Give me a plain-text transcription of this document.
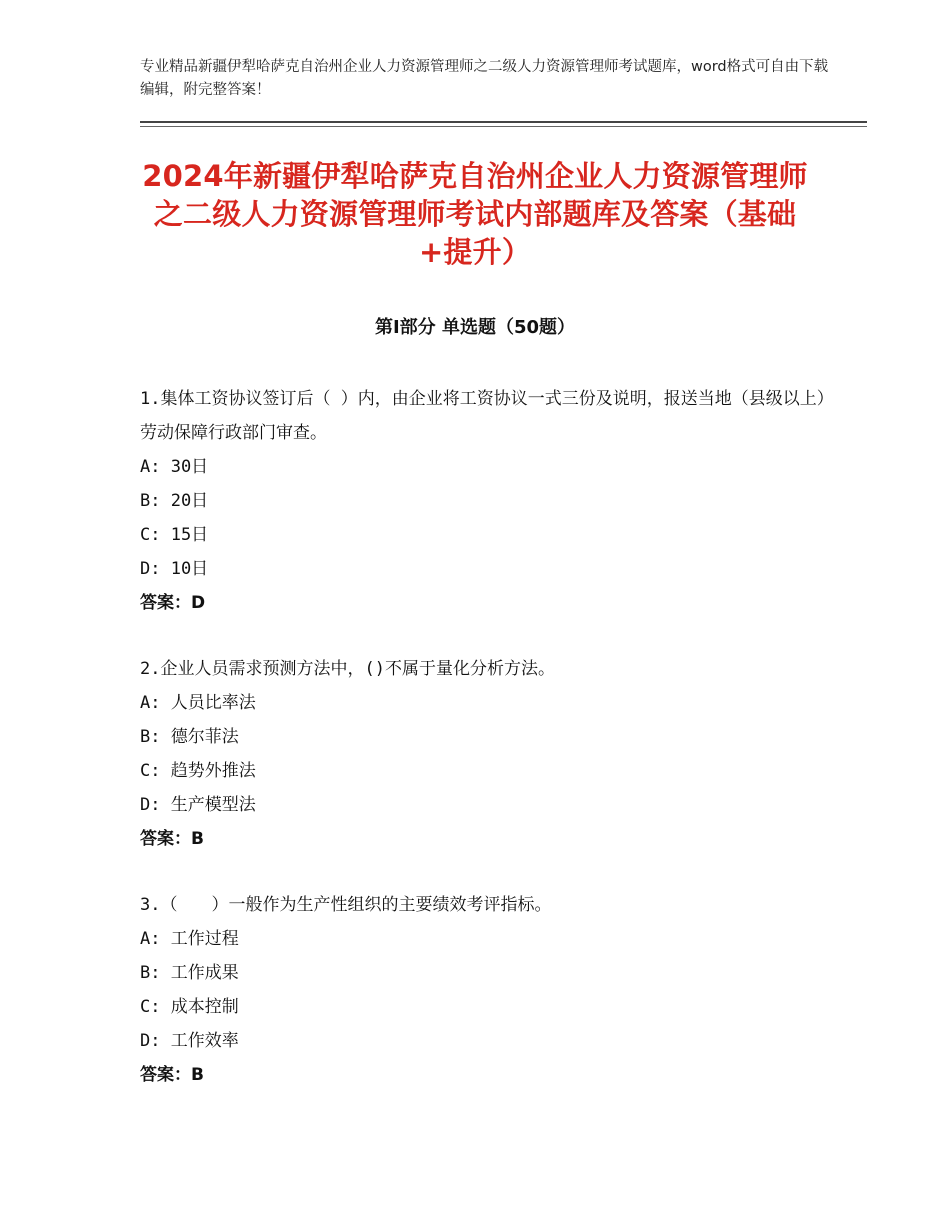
专业精品新疆伊犁哈萨克自治州企业人力资源管理师之二级人力资源管理师考试题库，word格式可自由下载编辑，附完整答案！
2024年新疆伊犁哈萨克自治州企业人力资源管理师之二级人力资源管理师考试内部题库及答案（基础+提升）
第Ⅰ部分 单选题（50题）
1.集体工资协议签订后（ ）内，由企业将工资协议一式三份及说明，报送当地（县级以上）劳动保障行政部门审查。
A: 30日
B: 20日
C: 15日
D: 10日
答案：D
2.企业人员需求预测方法中，()不属于量化分析方法。
A: 人员比率法
B: 德尔菲法
C: 趋势外推法
D: 生产模型法
答案：B
3.（　　）一般作为生产性组织的主要绩效考评指标。
A: 工作过程
B: 工作成果
C: 成本控制
D: 工作效率
答案：B
